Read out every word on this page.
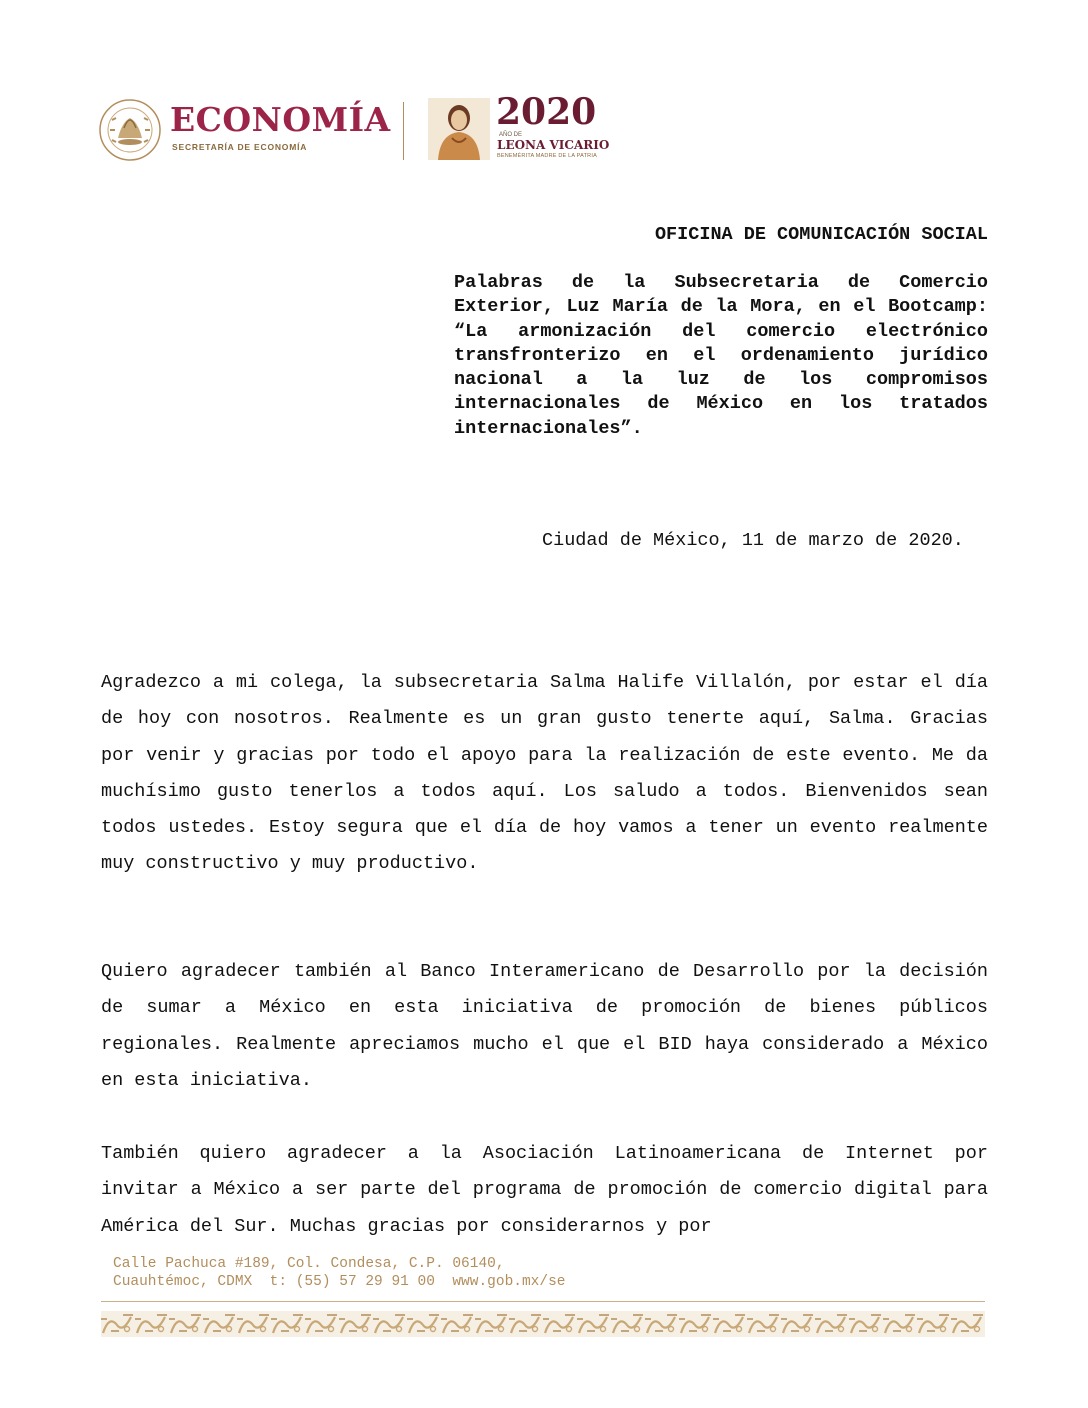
ECONOMÍA
SECRETARÍA DE ECONOMÍA
2020
AÑO DE
LEONA VICARIO
BENEMÉRITA MADRE DE LA PATRIA

OFICINA DE COMUNICACIÓN SOCIAL

Palabras de la Subsecretaria de Comercio Exterior, Luz María de la Mora, en el Bootcamp: “La armonización del comercio electrónico transfronterizo en el ordenamiento jurídico nacional a la luz de los compromisos internacionales de México en los tratados internacionales”.

Ciudad de México, 11 de marzo de 2020.

Agradezco a mi colega, la subsecretaria Salma Halife Villalón, por estar el día de hoy con nosotros. Realmente es un gran gusto tenerte aquí, Salma. Gracias por venir y gracias por todo el apoyo para la realización de este evento. Me da muchísimo gusto tenerlos a todos aquí. Los saludo a todos. Bienvenidos sean todos ustedes. Estoy segura que el día de hoy vamos a tener un evento realmente muy constructivo y muy productivo.

Quiero agradecer también al Banco Interamericano de Desarrollo por la decisión de sumar a México en esta iniciativa de promoción de bienes públicos regionales. Realmente apreciamos mucho el que el BID haya considerado a México en esta iniciativa.

También quiero agradecer a la Asociación Latinoamericana de Internet por invitar a México a ser parte del programa de promoción de comercio digital para América del Sur. Muchas gracias por considerarnos y por

Calle Pachuca #189, Col. Condesa, C.P. 06140,
Cuauhtémoc, CDMX  t: (55) 57 29 91 00  www.gob.mx/se
